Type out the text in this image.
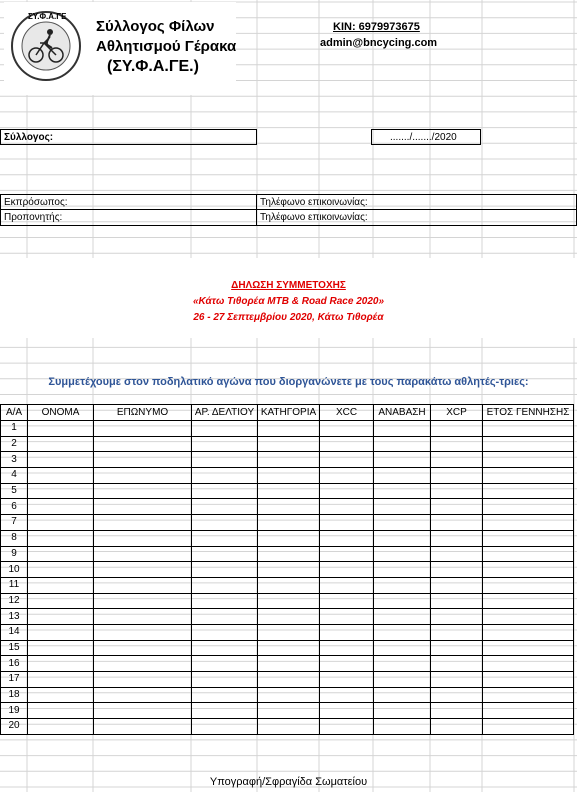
ΣΥ.Φ.Α.ΓΕ
Σύλλογος Φίλων
Αθλητισμού Γέρακα
(ΣΥ.Φ.Α.ΓΕ.)
ΚΙΝ: 6979973675
admin@bncycing.com
Σύλλογος:	......./......./2020
Εκπρόσωπος:	Τηλέφωνο επικοινωνίας:
Προπονητής:	Τηλέφωνο επικοινωνίας:
ΔΗΛΩΣΗ ΣΥΜΜΕΤΟΧΗΣ
«Κάτω Τιθορέα MTB & Road Race 2020»
26 - 27 Σεπτεμβρίου 2020, Κάτω Τιθορέα
Συμμετέχουμε στον ποδηλατικό αγώνα που διοργανώνετε με τους παρακάτω αθλητές-τριες:
Α/Α	ΟΝΟΜΑ	ΕΠΩΝΥΜΟ	ΑΡ. ΔΕΛΤΙΟΥ	ΚΑΤΗΓΟΡΙΑ	XCC	ΑΝΑΒΑΣΗ	XCP	ΕΤΟΣ ΓΕΝΝΗΣΗΣ
1								
2								
3								
4								
5								
6								
7								
8								
9								
10								
11								
12								
13								
14								
15								
16								
17								
18								
19								
20								
Υπογραφή/Σφραγίδα Σωματείου
